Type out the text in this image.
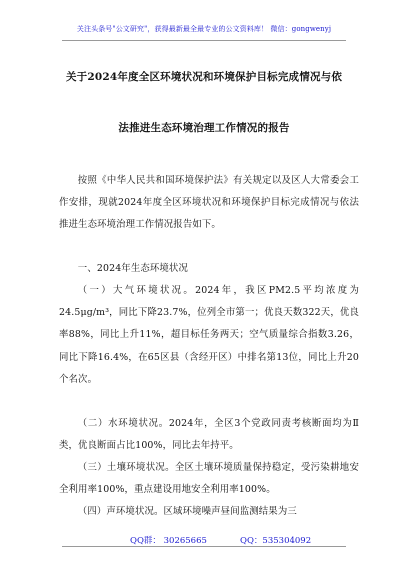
关注头条号"公文研究"，获得最新最全最专业的公文资料库！ 微信：gongwenyj
关于2024年度全区环境状况和环境保护目标完成情况与依
法推进生态环境治理工作情况的报告
按照《中华人民共和国环境保护法》有关规定以及区人大常委会工作安排，现就2024年度全区环境状况和环境保护目标完成情况与依法推进生态环境治理工作情况报告如下。
一、2024年生态环境状况
（一）大气环境状况。2024年，我区PM2.5平均浓度为24.5μg/m³，同比下降23.7%，位列全市第一；优良天数322天，优良率88%，同比上升11%，超目标任务两天；空气质量综合指数3.26，同比下降16.4%，在65区县（含经开区）中排名第13位，同比上升20个名次。
（二）水环境状况。2024年，全区3个党政同责考核断面均为Ⅱ类，优良断面占比100%，同比去年持平。
（三）土壤环境状况。全区土壤环境质量保持稳定，受污染耕地安全利用率100%，重点建设用地安全利用率100%。
（四）声环境状况。区域环境噪声昼间监测结果为三
QQ群： 30265665	QQ：535304092
